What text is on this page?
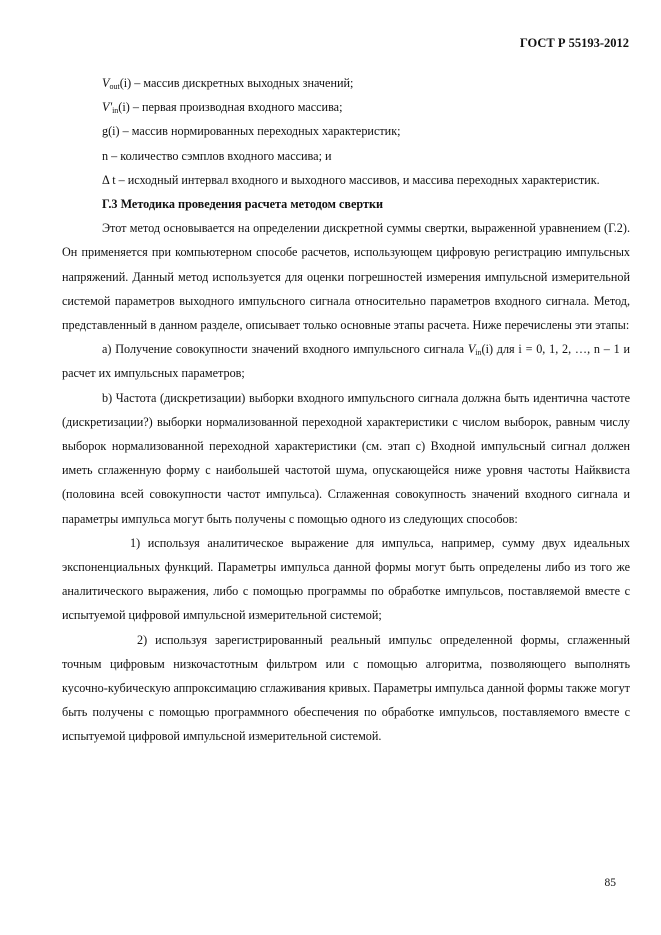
ГОСТ Р 55193-2012

$V_{out}(i)$ – массив дискретных выходных значений;

$V'_{in}(i)$ – первая производная входного массива;

g(i) – массив нормированных переходных характеристик;

n – количество сэмплов входного массива; и

Δ t – исходный интервал входного и выходного массивов, и массива переходных характеристик.

Г.3 Методика проведения расчета методом свертки

Этот метод основывается на определении дискретной суммы свертки, выраженной уравнением (Г.2). Он применяется при компьютерном способе расчетов, использующем цифровую регистрацию импульсных напряжений. Данный метод используется для оценки погрешностей измерения импульсной измерительной системой параметров выходного импульсного сигнала относительно параметров входного сигнала. Метод, представленный в данном разделе, описывает только основные этапы расчета. Ниже перечислены эти этапы:

а) Получение совокупности значений входного импульсного сигнала $V_{in}(i)$ для i = 0, 1, 2, …, n – 1 и расчет их импульсных параметров;

b) Частота (дискретизации) выборки входного импульсного сигнала должна быть идентична частоте (дискретизации?) выборки нормализованной переходной характеристики с числом выборок, равным числу выборок нормализованной переходной характеристики (см. этап с) Входной импульсный сигнал должен иметь сглаженную форму с наибольшей частотой шума, опускающейся ниже уровня частоты Найквиста (половина всей совокупности частот импульса). Сглаженная совокупность значений входного сигнала и параметры импульса могут быть получены с помощью одного из следующих способов:

1) используя аналитическое выражение для импульса, например, сумму двух идеальных экспоненциальных функций. Параметры импульса данной формы могут быть определены либо из того же аналитического выражения, либо с помощью программы по обработке импульсов, поставляемой вместе с испытуемой цифровой импульсной измерительной системой;

2) используя зарегистрированный реальный импульс определенной формы, сглаженный точным цифровым низкочастотным фильтром или с помощью алгоритма, позволяющего выполнять кусочно-кубическую аппроксимацию сглаживания кривых. Параметры импульса данной формы также могут быть получены с помощью программного обеспечения по обработке импульсов, поставляемого вместе с испытуемой цифровой импульсной измерительной системой.

85
